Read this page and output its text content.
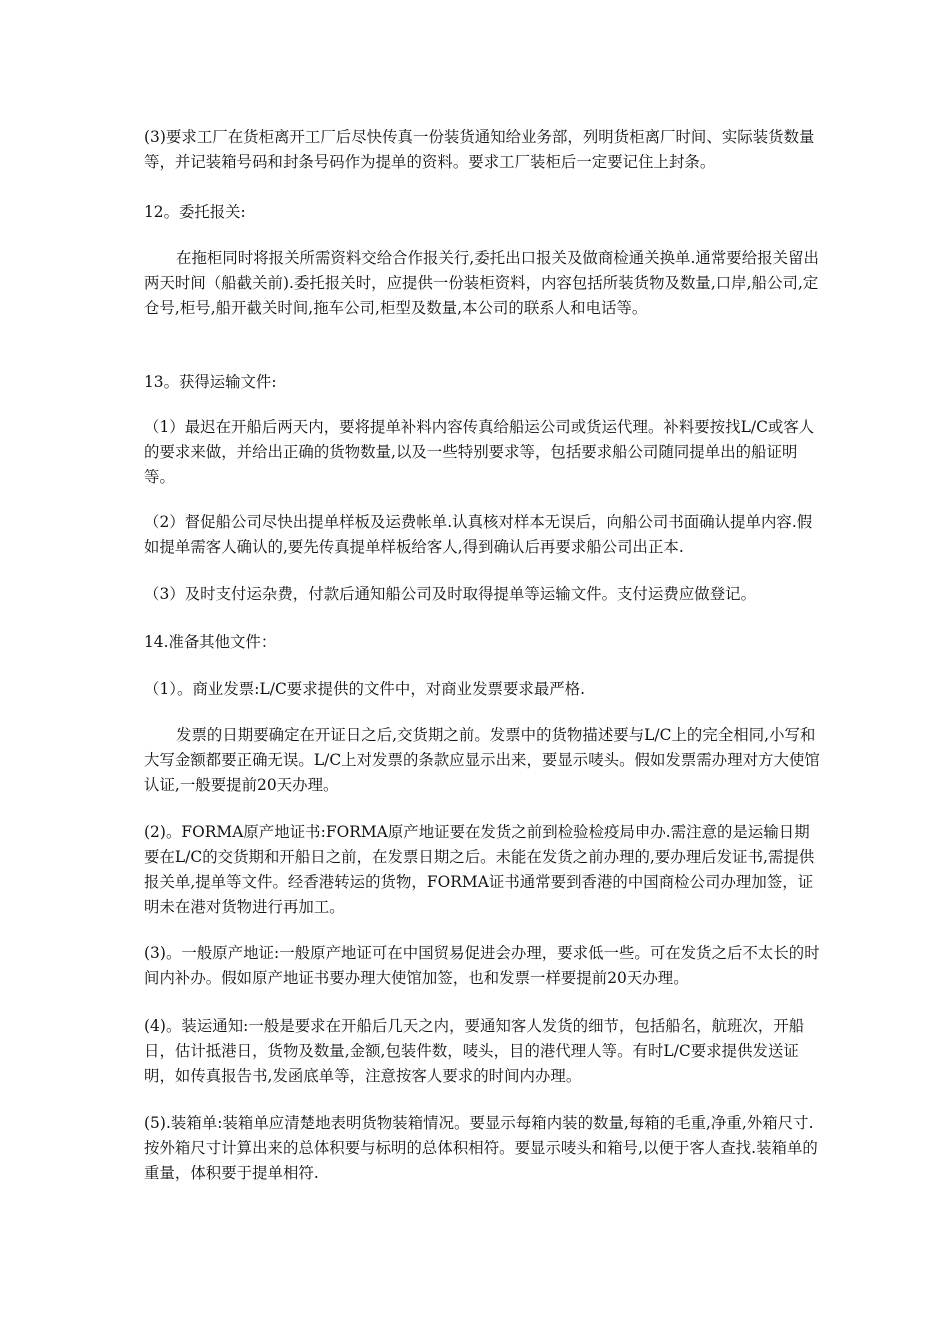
(3)要求工厂在货柜离开工厂后尽快传真一份装货通知给业务部，列明货柜离厂时间、实际装货数量等，并记装箱号码和封条号码作为提单的资料。要求工厂装柜后一定要记住上封条。
12。委托报关:
在拖柜同时将报关所需资料交给合作报关行,委托出口报关及做商检通关换单.通常要给报关留出两天时间（船截关前).委托报关时，应提供一份装柜资料，内容包括所装货物及数量,口岸,船公司,定仓号,柜号,船开截关时间,拖车公司,柜型及数量,本公司的联系人和电话等。
13。获得运输文件:
（1）最迟在开船后两天内，要将提单补料内容传真给船运公司或货运代理。补料要按找L/C或客人的要求来做，并给出正确的货物数量,以及一些特别要求等，包括要求船公司随同提单出的船证明等。
（2）督促船公司尽快出提单样板及运费帐单.认真核对样本无误后，向船公司书面确认提单内容.假如提单需客人确认的,要先传真提单样板给客人,得到确认后再要求船公司出正本.
（3）及时支付运杂费，付款后通知船公司及时取得提单等运输文件。支付运费应做登记。
14.准备其他文件：
（1）。商业发票:L/C要求提供的文件中，对商业发票要求最严格.
发票的日期要确定在开证日之后,交货期之前。发票中的货物描述要与L/C上的完全相同,小写和大写金额都要正确无误。L/C上对发票的条款应显示出来，要显示唛头。假如发票需办理对方大使馆认证,一般要提前20天办理。
(2)。FORMA原产地证书:FORMA原产地证要在发货之前到检验检疫局申办.需注意的是运输日期要在L/C的交货期和开船日之前，在发票日期之后。未能在发货之前办理的,要办理后发证书,需提供报关单,提单等文件。经香港转运的货物，FORMA证书通常要到香港的中国商检公司办理加签，证明未在港对货物进行再加工。
(3)。一般原产地证:一般原产地证可在中国贸易促进会办理，要求低一些。可在发货之后不太长的时间内补办。假如原产地证书要办理大使馆加签，也和发票一样要提前20天办理。
(4)。装运通知:一般是要求在开船后几天之内，要通知客人发货的细节，包括船名，航班次，开船日，估计抵港日，货物及数量,金额,包装件数，唛头，目的港代理人等。有时L/C要求提供发送证明，如传真报告书,发函底单等，注意按客人要求的时间内办理。
(5).装箱单:装箱单应清楚地表明货物装箱情况。要显示每箱内装的数量,每箱的毛重,净重,外箱尺寸.按外箱尺寸计算出来的总体积要与标明的总体积相符。要显示唛头和箱号,以便于客人查找.装箱单的重量，体积要于提单相符.
